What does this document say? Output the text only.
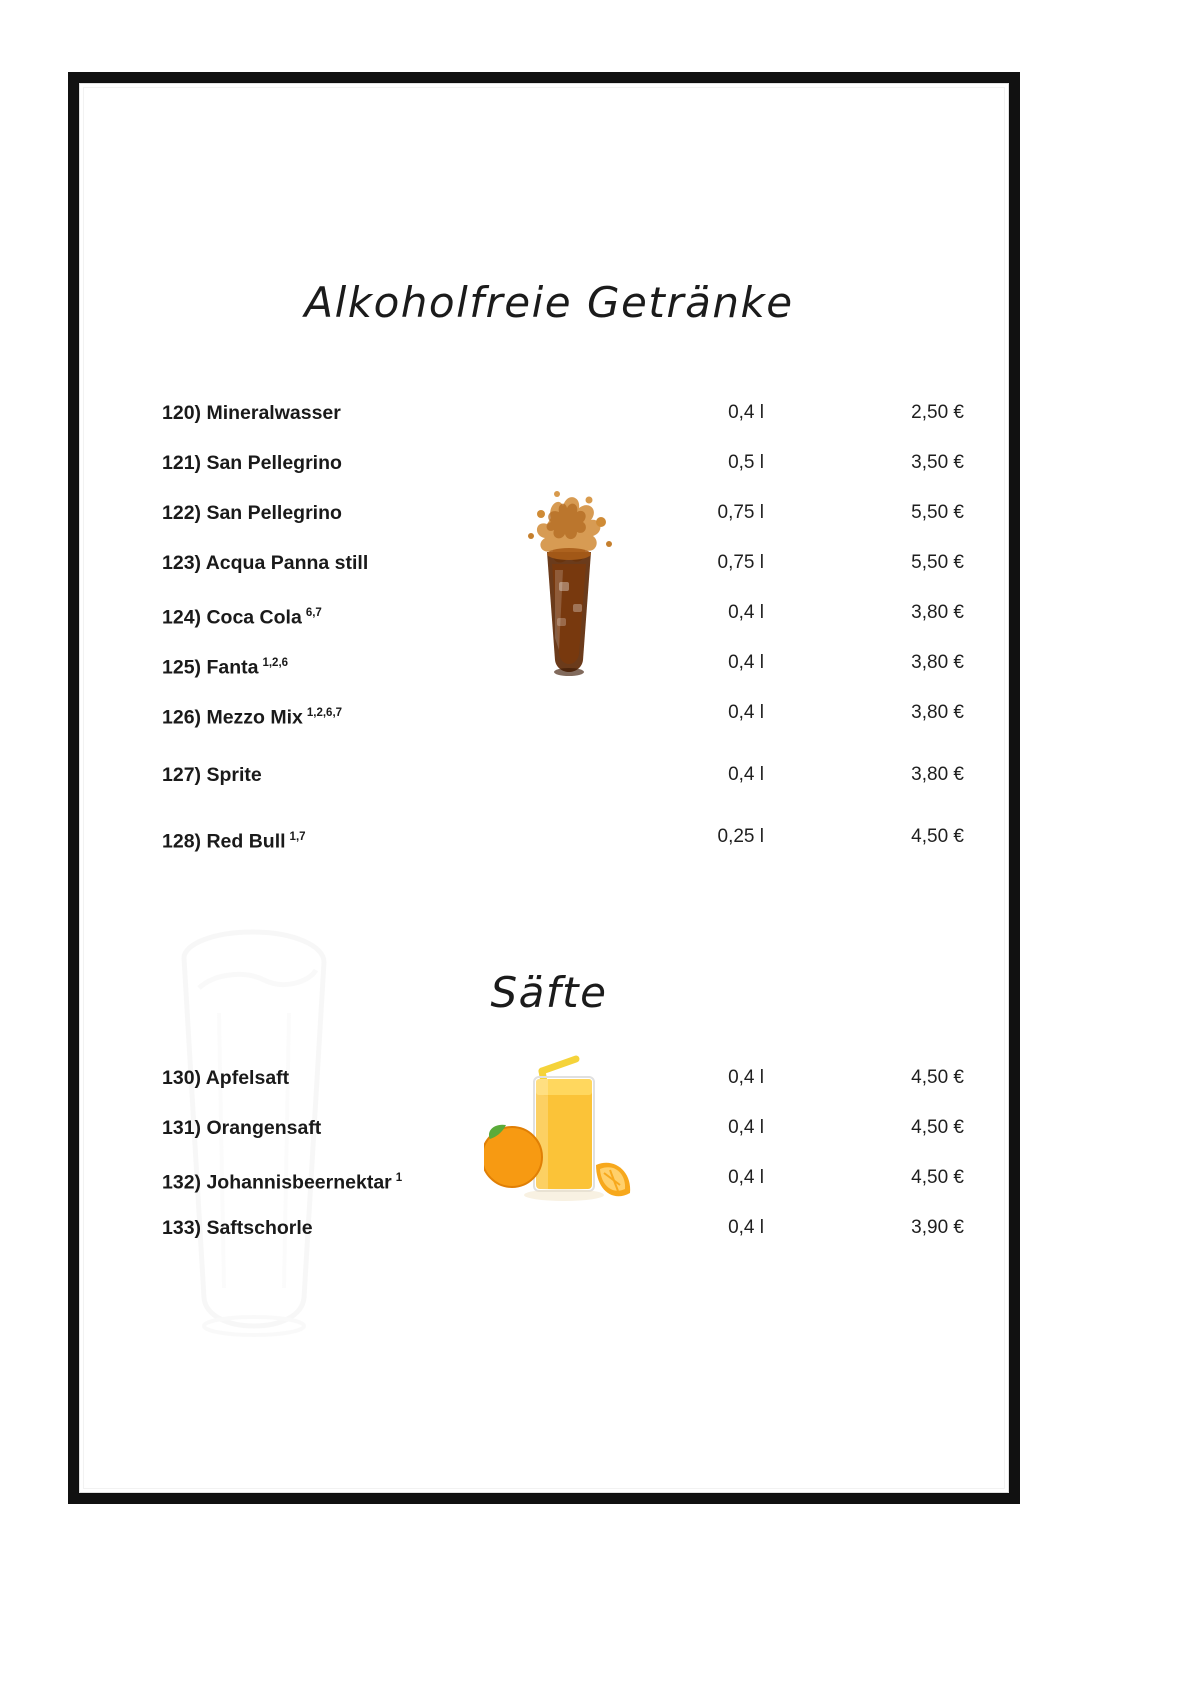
Alkoholfreie Getränke
120) Mineralwasser	0,4 l	2,50 €
121) San Pellegrino	0,5 l	3,50 €
122) San Pellegrino	0,75 l	5,50 €
123) Acqua Panna still	0,75 l	5,50 €
124) Coca Cola $^{6,7}$	0,4 l	3,80 €
125) Fanta $^{1,2,6}$	0,4 l	3,80 €
126) Mezzo Mix $^{1,2,6,7}$	0,4 l	3,80 €
127) Sprite	0,4 l	3,80 €
128) Red Bull $^{1,7}$	0,25 l	4,50 €
Säfte
130) Apfelsaft	0,4 l	4,50 €
131) Orangensaft	0,4 l	4,50 €
132) Johannisbeernektar $^1$	0,4 l	4,50 €
133) Saftschorle	0,4 l	3,90 €
